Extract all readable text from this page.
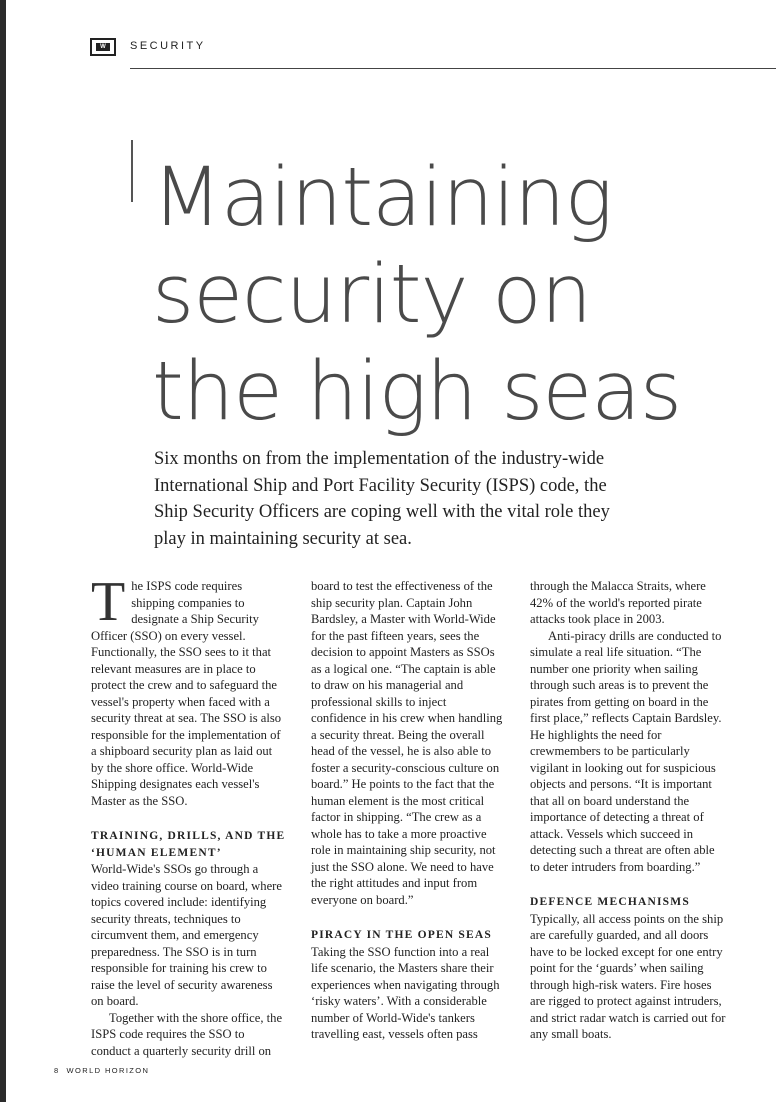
W	SECURITY
Maintaining
security on
the high seas
Six months on from the implementation of the industry-wide International Ship and Port Facility Security (ISPS) code, the Ship Security Officers are coping well with the vital role they play in maintaining security at sea.

The ISPS code requires shipping companies to designate a Ship Security Officer (SSO) on every vessel. Functionally, the SSO sees to it that relevant measures are in place to protect the crew and to safeguard the vessel's property when faced with a security threat at sea. The SSO is also responsible for the implementation of a shipboard security plan as laid out by the shore office. World-Wide Shipping designates each vessel's Master as the SSO.

TRAINING, DRILLS, AND THE
‘HUMAN ELEMENT’

World-Wide's SSOs go through a video training course on board, where topics covered include: identifying security threats, techniques to circumvent them, and emergency preparedness. The SSO is in turn responsible for training his crew to raise the level of security awareness on board.

Together with the shore office, the ISPS code requires the SSO to conduct a quarterly security drill on

board to test the effectiveness of the ship security plan. Captain John Bardsley, a Master with World-Wide for the past fifteen years, sees the decision to appoint Masters as SSOs as a logical one. “The captain is able to draw on his managerial and professional skills to inject confidence in his crew when handling a security threat. Being the overall head of the vessel, he is also able to foster a security-conscious culture on board.” He points to the fact that the human element is the most critical factor in shipping. “The crew as a whole has to take a more proactive role in maintaining ship security, not just the SSO alone. We need to have the right attitudes and input from everyone on board.”

PIRACY IN THE OPEN SEAS

Taking the SSO function into a real life scenario, the Masters share their experiences when navigating through ‘risky waters’. With a considerable number of World-Wide's tankers travelling east, vessels often pass

through the Malacca Straits, where 42% of the world's reported pirate attacks took place in 2003.

Anti-piracy drills are conducted to simulate a real life situation. “The number one priority when sailing through such areas is to prevent the pirates from getting on board in the first place,” reflects Captain Bardsley. He highlights the need for crewmembers to be particularly vigilant in looking out for suspicious objects and persons. “It is important that all on board understand the importance of detecting a threat of attack. Vessels which succeed in detecting such a threat are often able to deter intruders from boarding.”

DEFENCE MECHANISMS

Typically, all access points on the ship are carefully guarded, and all doors have to be locked except for one entry point for the ‘guards’ when sailing through high-risk waters. Fire hoses are rigged to protect against intruders, and strict radar watch is carried out for any small boats.

8 WORLD HORIZON
